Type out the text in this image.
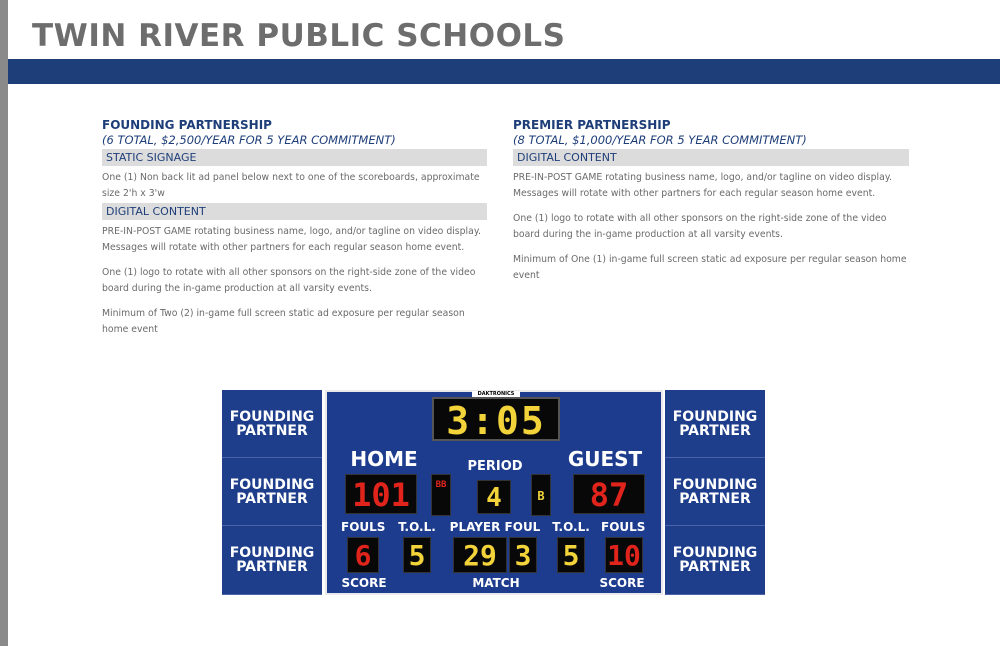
TWIN RIVER PUBLIC SCHOOLS
FOUNDING PARTNERSHIP
(6 TOTAL, $2,500/YEAR FOR 5 YEAR COMMITMENT)
STATIC SIGNAGE
One (1) Non back lit ad panel below next to one of the scoreboards, approximate size 2'h x 3'w
DIGITAL CONTENT
PRE-IN-POST GAME rotating business name, logo, and/or tagline on video display. Messages will rotate with other partners for each regular season home event.
One (1) logo to rotate with all other sponsors on the right-side zone of the video board during the in-game production at all varsity events.
Minimum of Two (2) in-game full screen static ad exposure per regular season home event
PREMIER PARTNERSHIP
(8 TOTAL, $1,000/YEAR FOR 5 YEAR COMMITMENT)
DIGITAL CONTENT
PRE-IN-POST GAME rotating business name, logo, and/or tagline on video display. Messages will rotate with other partners for each regular season home event.
One (1) logo to rotate with all other sponsors on the right-side zone of the video board during the in-game production at all varsity events.
Minimum of One (1) in-game full screen static ad exposure per regular season home event
FOUNDING
PARTNER
FOUNDING
PARTNER
FOUNDING
PARTNER
FOUNDING
PARTNER
FOUNDING
PARTNER
FOUNDING
PARTNER
DAKTRONICS
3:05
HOME	GUEST
PERIOD
101	BB	4	B	87
FOULS T.O.L. PLAYER FOUL T.O.L. FOULS
6 5	29 3 5 10
SCORE	MATCH	SCORE
